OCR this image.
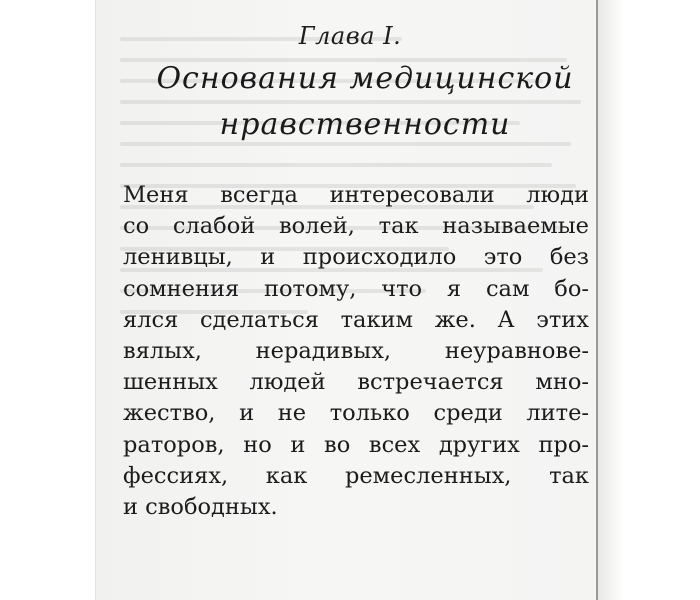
Глава I.
Основания медицинской
нравственности

Меня всегда интересовали люди
со слабой волей, так называемые
ленивцы, и происходило это без
сомнения потому, что я сам бо-
ялся сделаться таким же. А этих
вялых, нерадивых, неуравнове-
шенных людей встречается мно-
жество, и не только среди лите-
раторов, но и во всех других про-
фессиях, как ремесленных, так
и свободных.
